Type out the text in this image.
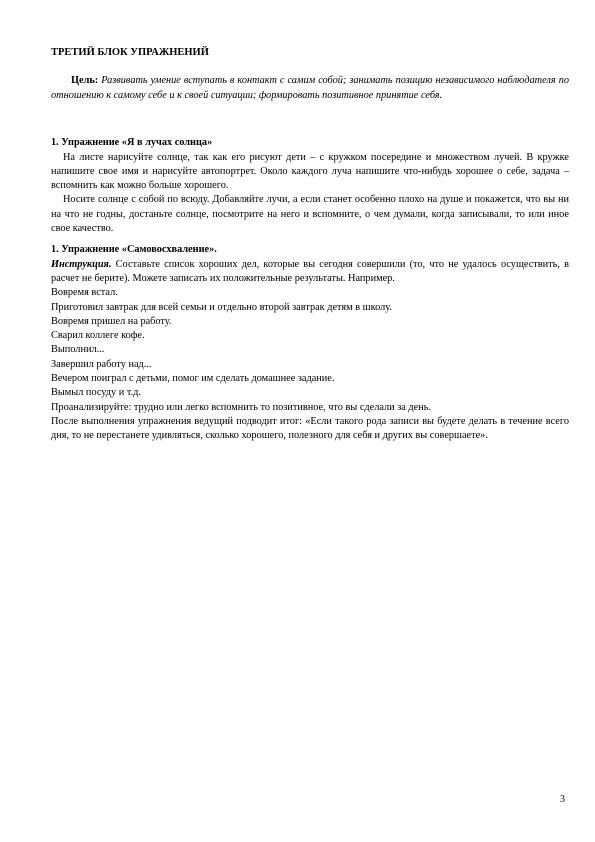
ТРЕТИЙ БЛОК УПРАЖНЕНИЙ

Цель: Развивать умение вступать в контакт с самим собой; занимать позицию независимого наблюдателя по отношению к самому себе и к своей ситуации; формировать позитивное принятие себя.

1. Упражнение «Я в лучах солнца»

На листе нарисуйте солнце, так как его рисуют дети – с кружком посередине и множеством лучей. В кружке напишите свое имя и нарисуйте автопортрет. Около каждого луча напишите что-нибудь хорошее о себе, задача – вспомнить как можно больше хорошего.

Носите солнце с собой по всюду. Добавляйте лучи, а если станет особенно плохо на душе и покажется, что вы ни на что не годны, достаньте солнце, посмотрите на него и вспомните, о чем думали, когда записывали, то или иное свое качество.

1. Упражнение «Самовосхваление».

Инструкция. Составьте список хороших дел, которые вы сегодня совершили (то, что не удалось осуществить, в расчет не берите). Можете записать их положительные результаты. Например.

Вовремя встал.

Приготовил завтрак для всей семьи и отдельно второй завтрак детям в школу.

Вовремя пришел на работу.

Сварил коллеге кофе.

Выполнил...

Завершил работу над...

Вечером поиграл с детьми, помог им сделать домашнее задание.

Вымыл посуду и т.д.

Проанализируйте: трудно или легко вспомнить то позитивное, что вы сделали за день.

После выполнения упражнения ведущий подводит итог: «Если такого рода записи вы будете делать в течение всего дня, то не перестанете удивляться, сколько хорошего, полезного для себя и других вы совершаете».

3
